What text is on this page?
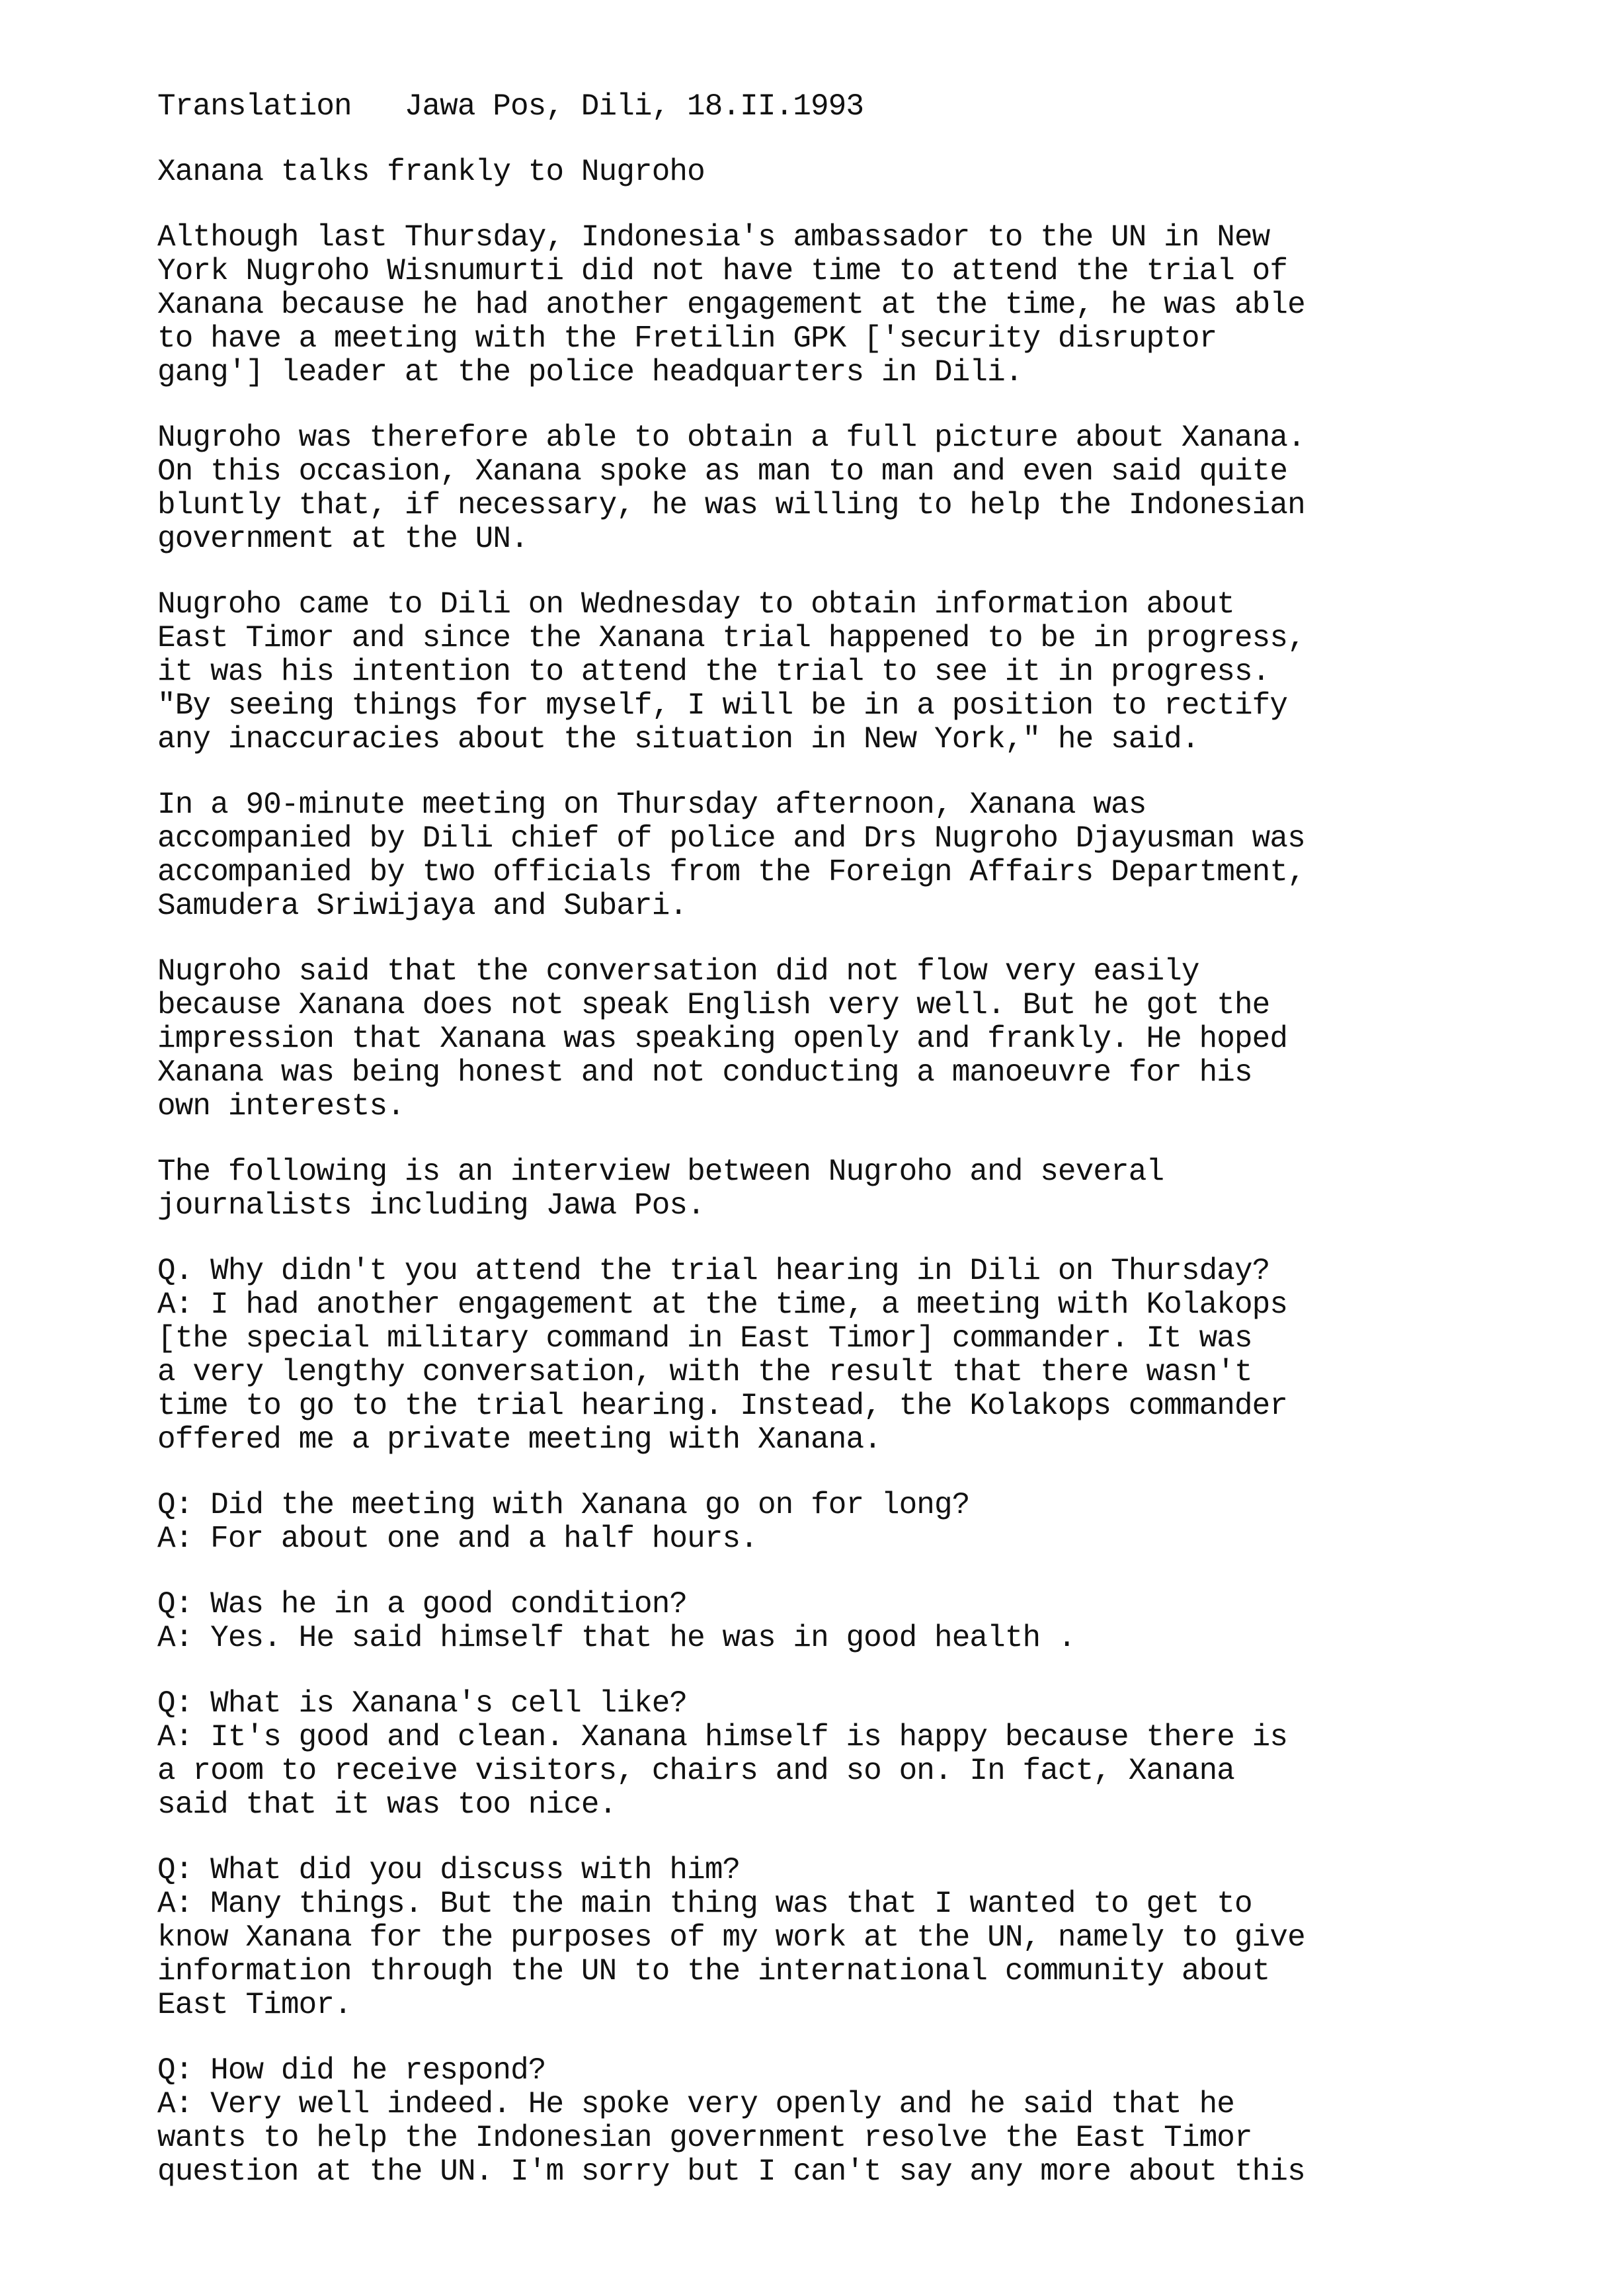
Translation Jawa Pos, Dili, 18.II.1993
Xanana talks frankly to Nugroho
Although last Thursday, Indonesia's ambassador to the UN in New
York Nugroho Wisnumurti did not have time to attend the trial of
Xanana because he had another engagement at the time, he was able
to have a meeting with the Fretilin GPK ['security disruptor
gang'] leader at the police headquarters in Dili.
Nugroho was therefore able to obtain a full picture about Xanana.
On this occasion, Xanana spoke as man to man and even said quite
bluntly that, if necessary, he was willing to help the Indonesian
government at the UN.
Nugroho came to Dili on Wednesday to obtain information about
East Timor and since the Xanana trial happened to be in progress,
it was his intention to attend the trial to see it in progress.
"By seeing things for myself, I will be in a position to rectify
any inaccuracies about the situation in New York," he said.
In a 90-minute meeting on Thursday afternoon, Xanana was
accompanied by Dili chief of police and Drs Nugroho Djayusman was
accompanied by two officials from the Foreign Affairs Department,
Samudera Sriwijaya and Subari.
Nugroho said that the conversation did not flow very easily
because Xanana does not speak English very well. But he got the
impression that Xanana was speaking openly and frankly. He hoped
Xanana was being honest and not conducting a manoeuvre for his
own interests.
The following is an interview between Nugroho and several
journalists including Jawa Pos.
Q. Why didn't you attend the trial hearing in Dili on Thursday?
A: I had another engagement at the time, a meeting with Kolakops
[the special military command in East Timor] commander. It was
a very lengthy conversation, with the result that there wasn't
time to go to the trial hearing. Instead, the Kolakops commander
offered me a private meeting with Xanana.
Q: Did the meeting with Xanana go on for long?
A: For about one and a half hours.
Q: Was he in a good condition?
A: Yes. He said himself that he was in good health .
Q: What is Xanana's cell like?
A: It's good and clean. Xanana himself is happy because there is
a room to receive visitors, chairs and so on. In fact, Xanana
said that it was too nice.
Q: What did you discuss with him?
A: Many things. But the main thing was that I wanted to get to
know Xanana for the purposes of my work at the UN, namely to give
information through the UN to the international community about
East Timor.
Q: How did he respond?
A: Very well indeed. He spoke very openly and he said that he
wants to help the Indonesian government resolve the East Timor
question at the UN. I'm sorry but I can't say any more about this
